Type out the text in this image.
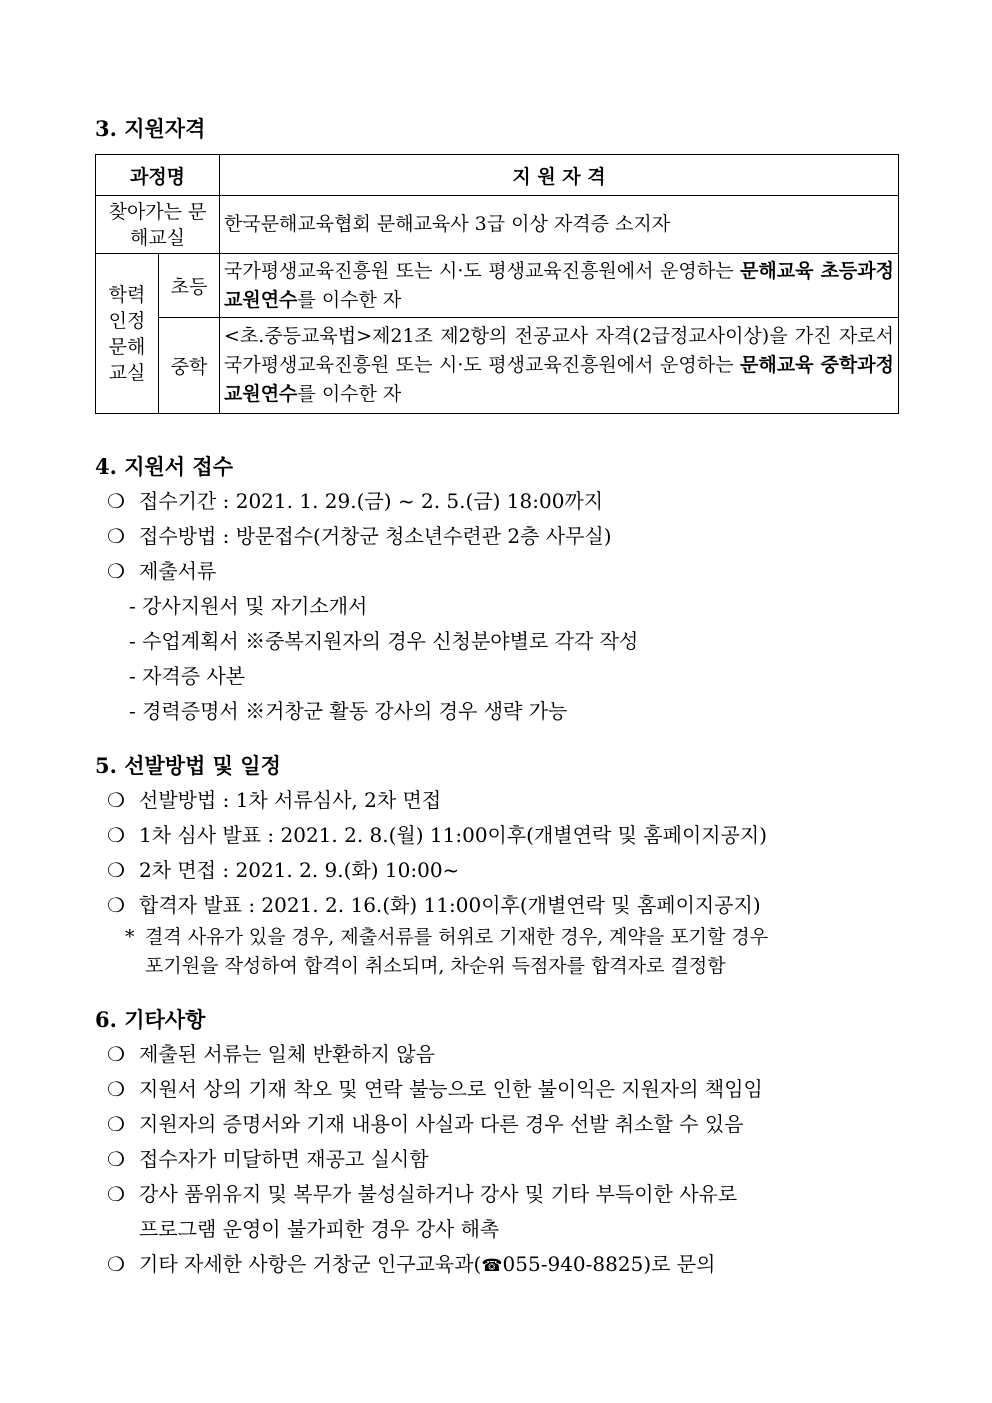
3. 지원자격
과정명		지 원 자 격
찾아가는 문해교실		한국문해교육협회 문해교육사 3급 이상 자격증 소지자
학력 인정 문해 교실	초등	국가평생교육진흥원 또는 시·도 평생교육진흥원에서 운영하는 문해교육 초등과정 교원연수를 이수한 자
	중학	<초.중등교육법>제21조 제2항의 전공교사 자격(2급정교사이상)을 가진 자로서 국가평생교육진흥원 또는 시·도 평생교육진흥원에서 운영하는 문해교육 중학과정 교원연수를 이수한 자
4. 지원서 접수
❍ 접수기간 : 2021. 1. 29.(금) ~ 2. 5.(금) 18:00까지
❍ 접수방법 : 방문접수(거창군 청소년수련관 2층 사무실)
❍ 제출서류
- 강사지원서 및 자기소개서
- 수업계획서 ※중복지원자의 경우 신청분야별로 각각 작성
- 자격증 사본
- 경력증명서 ※거창군 활동 강사의 경우 생략 가능
5. 선발방법 및 일정
❍ 선발방법 : 1차 서류심사, 2차 면접
❍ 1차 심사 발표 : 2021. 2. 8.(월) 11:00이후(개별연락 및 홈페이지공지)
❍ 2차 면접 : 2021. 2. 9.(화) 10:00~
❍ 합격자 발표 : 2021. 2. 16.(화) 11:00이후(개별연락 및 홈페이지공지)
* 결격 사유가 있을 경우, 제출서류를 허위로 기재한 경우, 계약을 포기할 경우
포기원을 작성하여 합격이 취소되며, 차순위 득점자를 합격자로 결정함
6. 기타사항
❍ 제출된 서류는 일체 반환하지 않음
❍ 지원서 상의 기재 착오 및 연락 불능으로 인한 불이익은 지원자의 책임임
❍ 지원자의 증명서와 기재 내용이 사실과 다른 경우 선발 취소할 수 있음
❍ 접수자가 미달하면 재공고 실시함
❍ 강사 품위유지 및 복무가 불성실하거나 강사 및 기타 부득이한 사유로
프로그램 운영이 불가피한 경우 강사 해촉
❍ 기타 자세한 사항은 거창군 인구교육과(☎055-940-8825)로 문의
